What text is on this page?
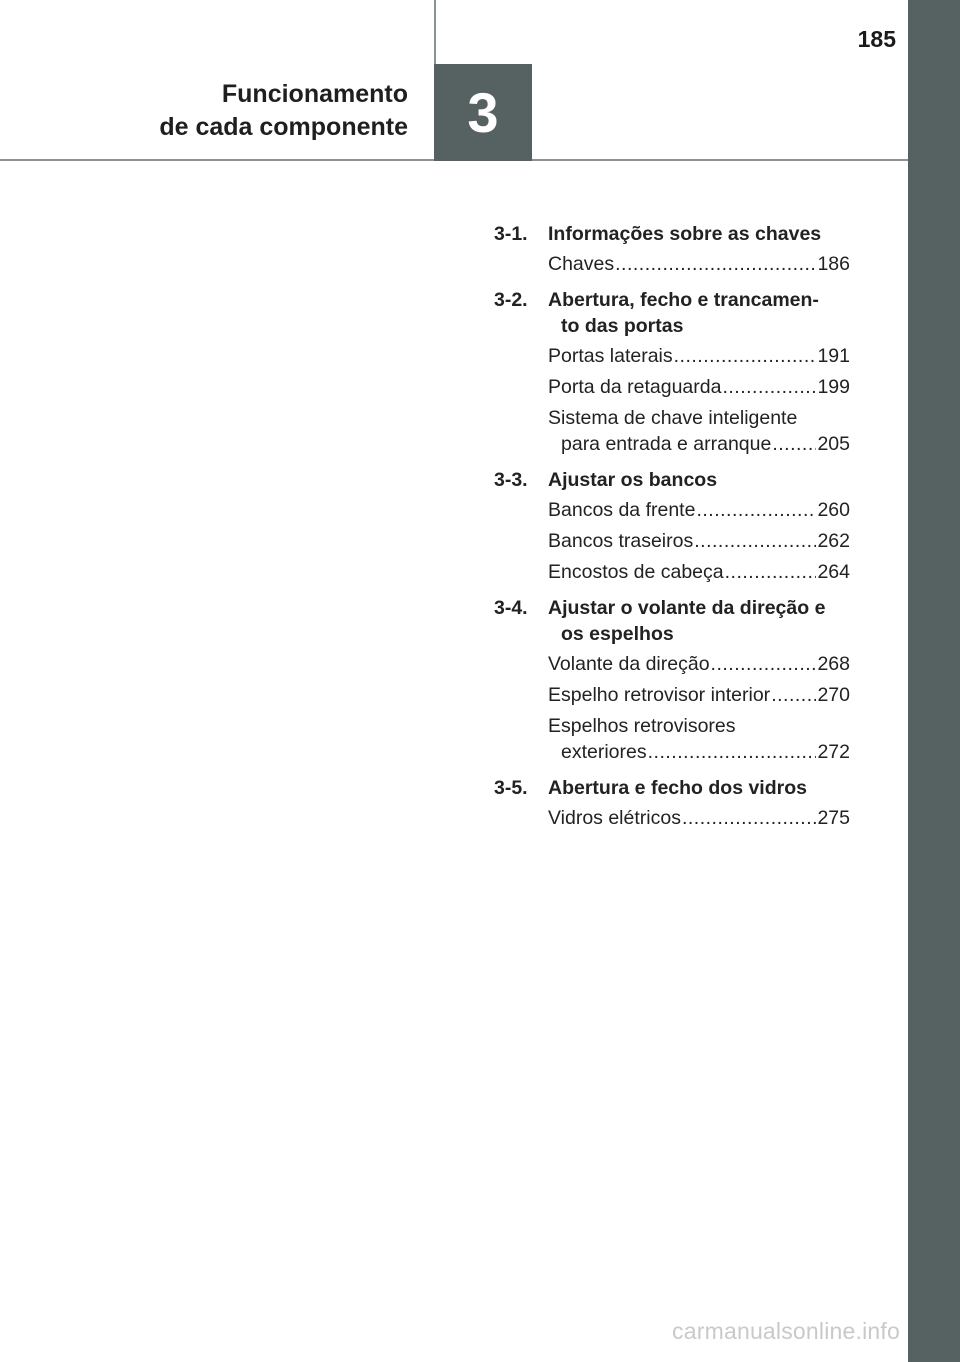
185
Funcionamento
de cada componente	3
3-1. Informações sobre as chaves
Chaves .....	186
3-2. Abertura, fecho e trancamen-
to das portas
Portas laterais .....	191
Porta da retaguarda .....	199
Sistema de chave inteligente
para entrada e arranque ..... 205
3-3. Ajustar os bancos
Bancos da frente .....	260
Bancos traseiros .....	262
Encostos de cabeça .....	264
3-4. Ajustar o volante da direção e
os espelhos
Volante da direção .....	268
Espelho retrovisor interior ..... 270
Espelhos retrovisores
exteriores .....	272
3-5. Abertura e fecho dos vidros
Vidros elétricos .....	275
carmanualsonline.info
